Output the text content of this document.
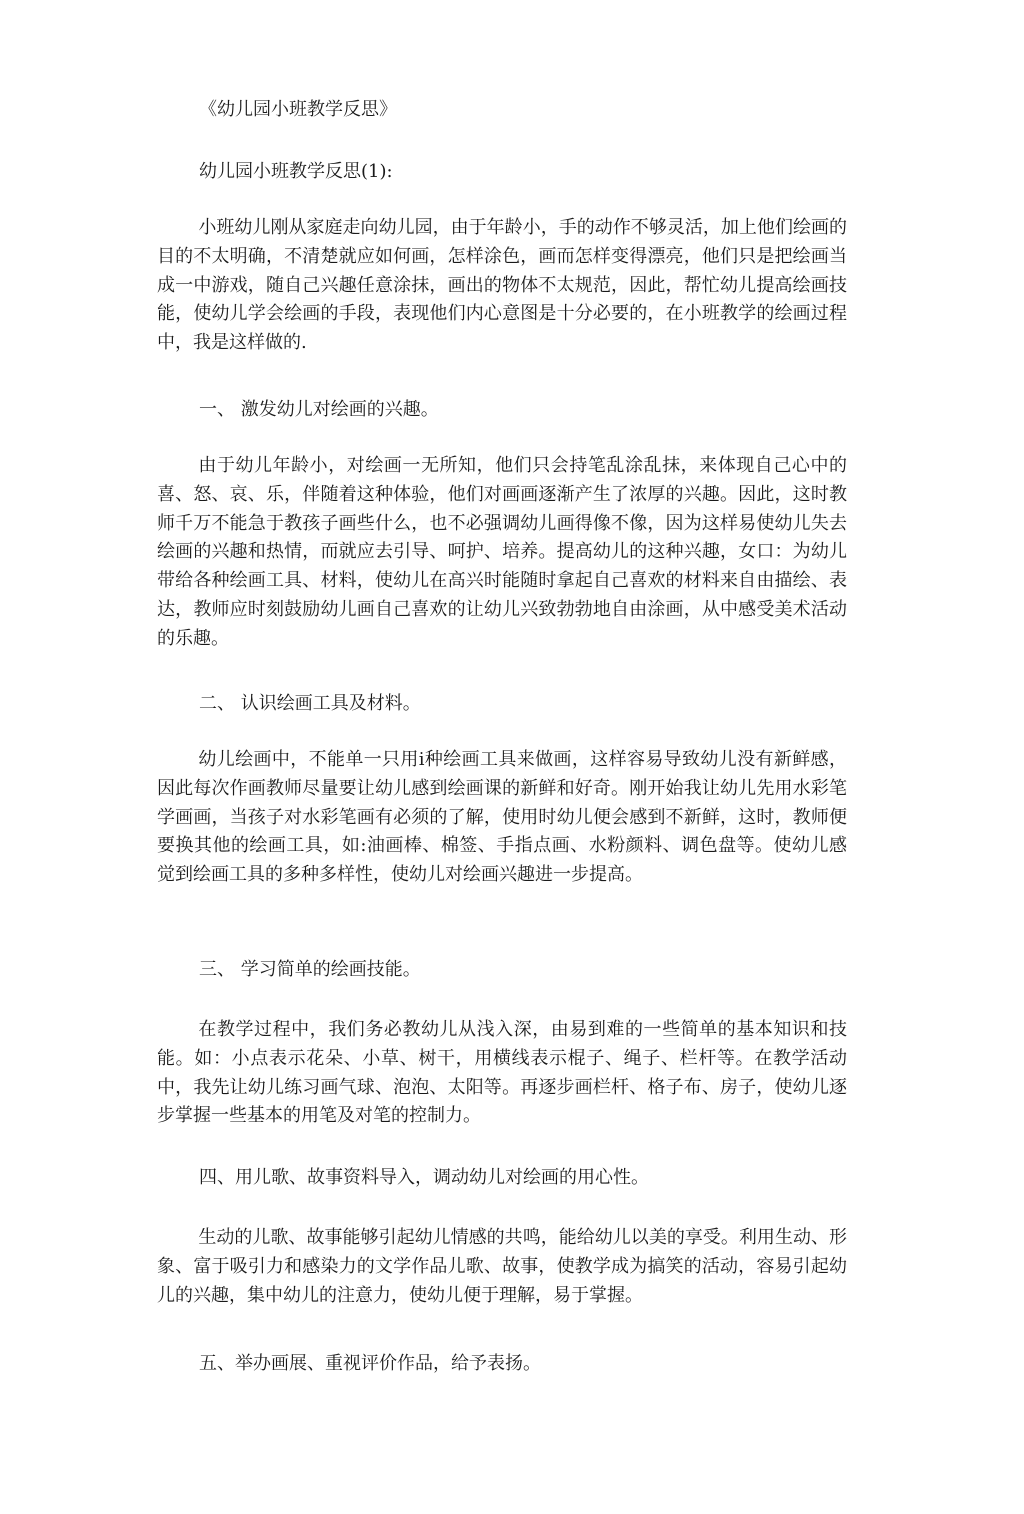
《幼儿园小班教学反思》
幼儿园小班教学反思(1):

小班幼儿刚从家庭走向幼儿园，由于年龄小，手的动作不够灵活，加上他们绘画的目的不太明确，不清楚就应如何画，怎样涂色，画而怎样变得漂亮，他们只是把绘画当成一中游戏，随自己兴趣任意涂抹，画出的物体不太规范，因此，帮忙幼儿提高绘画技能，使幼儿学会绘画的手段，表现他们内心意图是十分必要的，在小班教学的绘画过程中，我是这样做的.

一、 激发幼儿对绘画的兴趣。

由于幼儿年龄小，对绘画一无所知，他们只会持笔乱涂乱抹，来体现自己心中的喜、怒、哀、乐，伴随着这种体验，他们对画画逐渐产生了浓厚的兴趣。因此，这时教师千万不能急于教孩子画些什么，也不必强调幼儿画得像不像，因为这样易使幼儿失去绘画的兴趣和热情，而就应去引导、呵护、培养。提高幼儿的这种兴趣，女口：为幼儿带给各种绘画工具、材料，使幼儿在高兴时能随时拿起自己喜欢的材料来自由描绘、表达，教师应时刻鼓励幼儿画自己喜欢的让幼儿兴致勃勃地自由涂画，从中感受美术活动的乐趣。

二、 认识绘画工具及材料。

幼儿绘画中，不能单一只用i种绘画工具来做画，这样容易导致幼儿没有新鲜感，因此每次作画教师尽量要让幼儿感到绘画课的新鲜和好奇。刚开始我让幼儿先用水彩笔学画画，当孩子对水彩笔画有必须的了解，使用时幼儿便会感到不新鲜，这时，教师便要换其他的绘画工具，如:油画棒、棉签、手指点画、水粉颜料、调色盘等。使幼儿感觉到绘画工具的多种多样性，使幼儿对绘画兴趣进一步提高。

三、 学习简单的绘画技能。

在教学过程中，我们务必教幼儿从浅入深，由易到难的一些简单的基本知识和技能。如：小点表示花朵、小草、树干，用横线表示棍子、绳子、栏杆等。在教学活动中，我先让幼儿练习画气球、泡泡、太阳等。再逐步画栏杆、格子布、房子，使幼儿逐步掌握一些基本的用笔及对笔的控制力。

四、用儿歌、故事资料导入，调动幼儿对绘画的用心性。

生动的儿歌、故事能够引起幼儿情感的共鸣，能给幼儿以美的享受。利用生动、形象、富于吸引力和感染力的文学作品儿歌、故事，使教学成为搞笑的活动，容易引起幼儿的兴趣，集中幼儿的注意力，使幼儿便于理解，易于掌握。

五、举办画展、重视评价作品，给予表扬。
